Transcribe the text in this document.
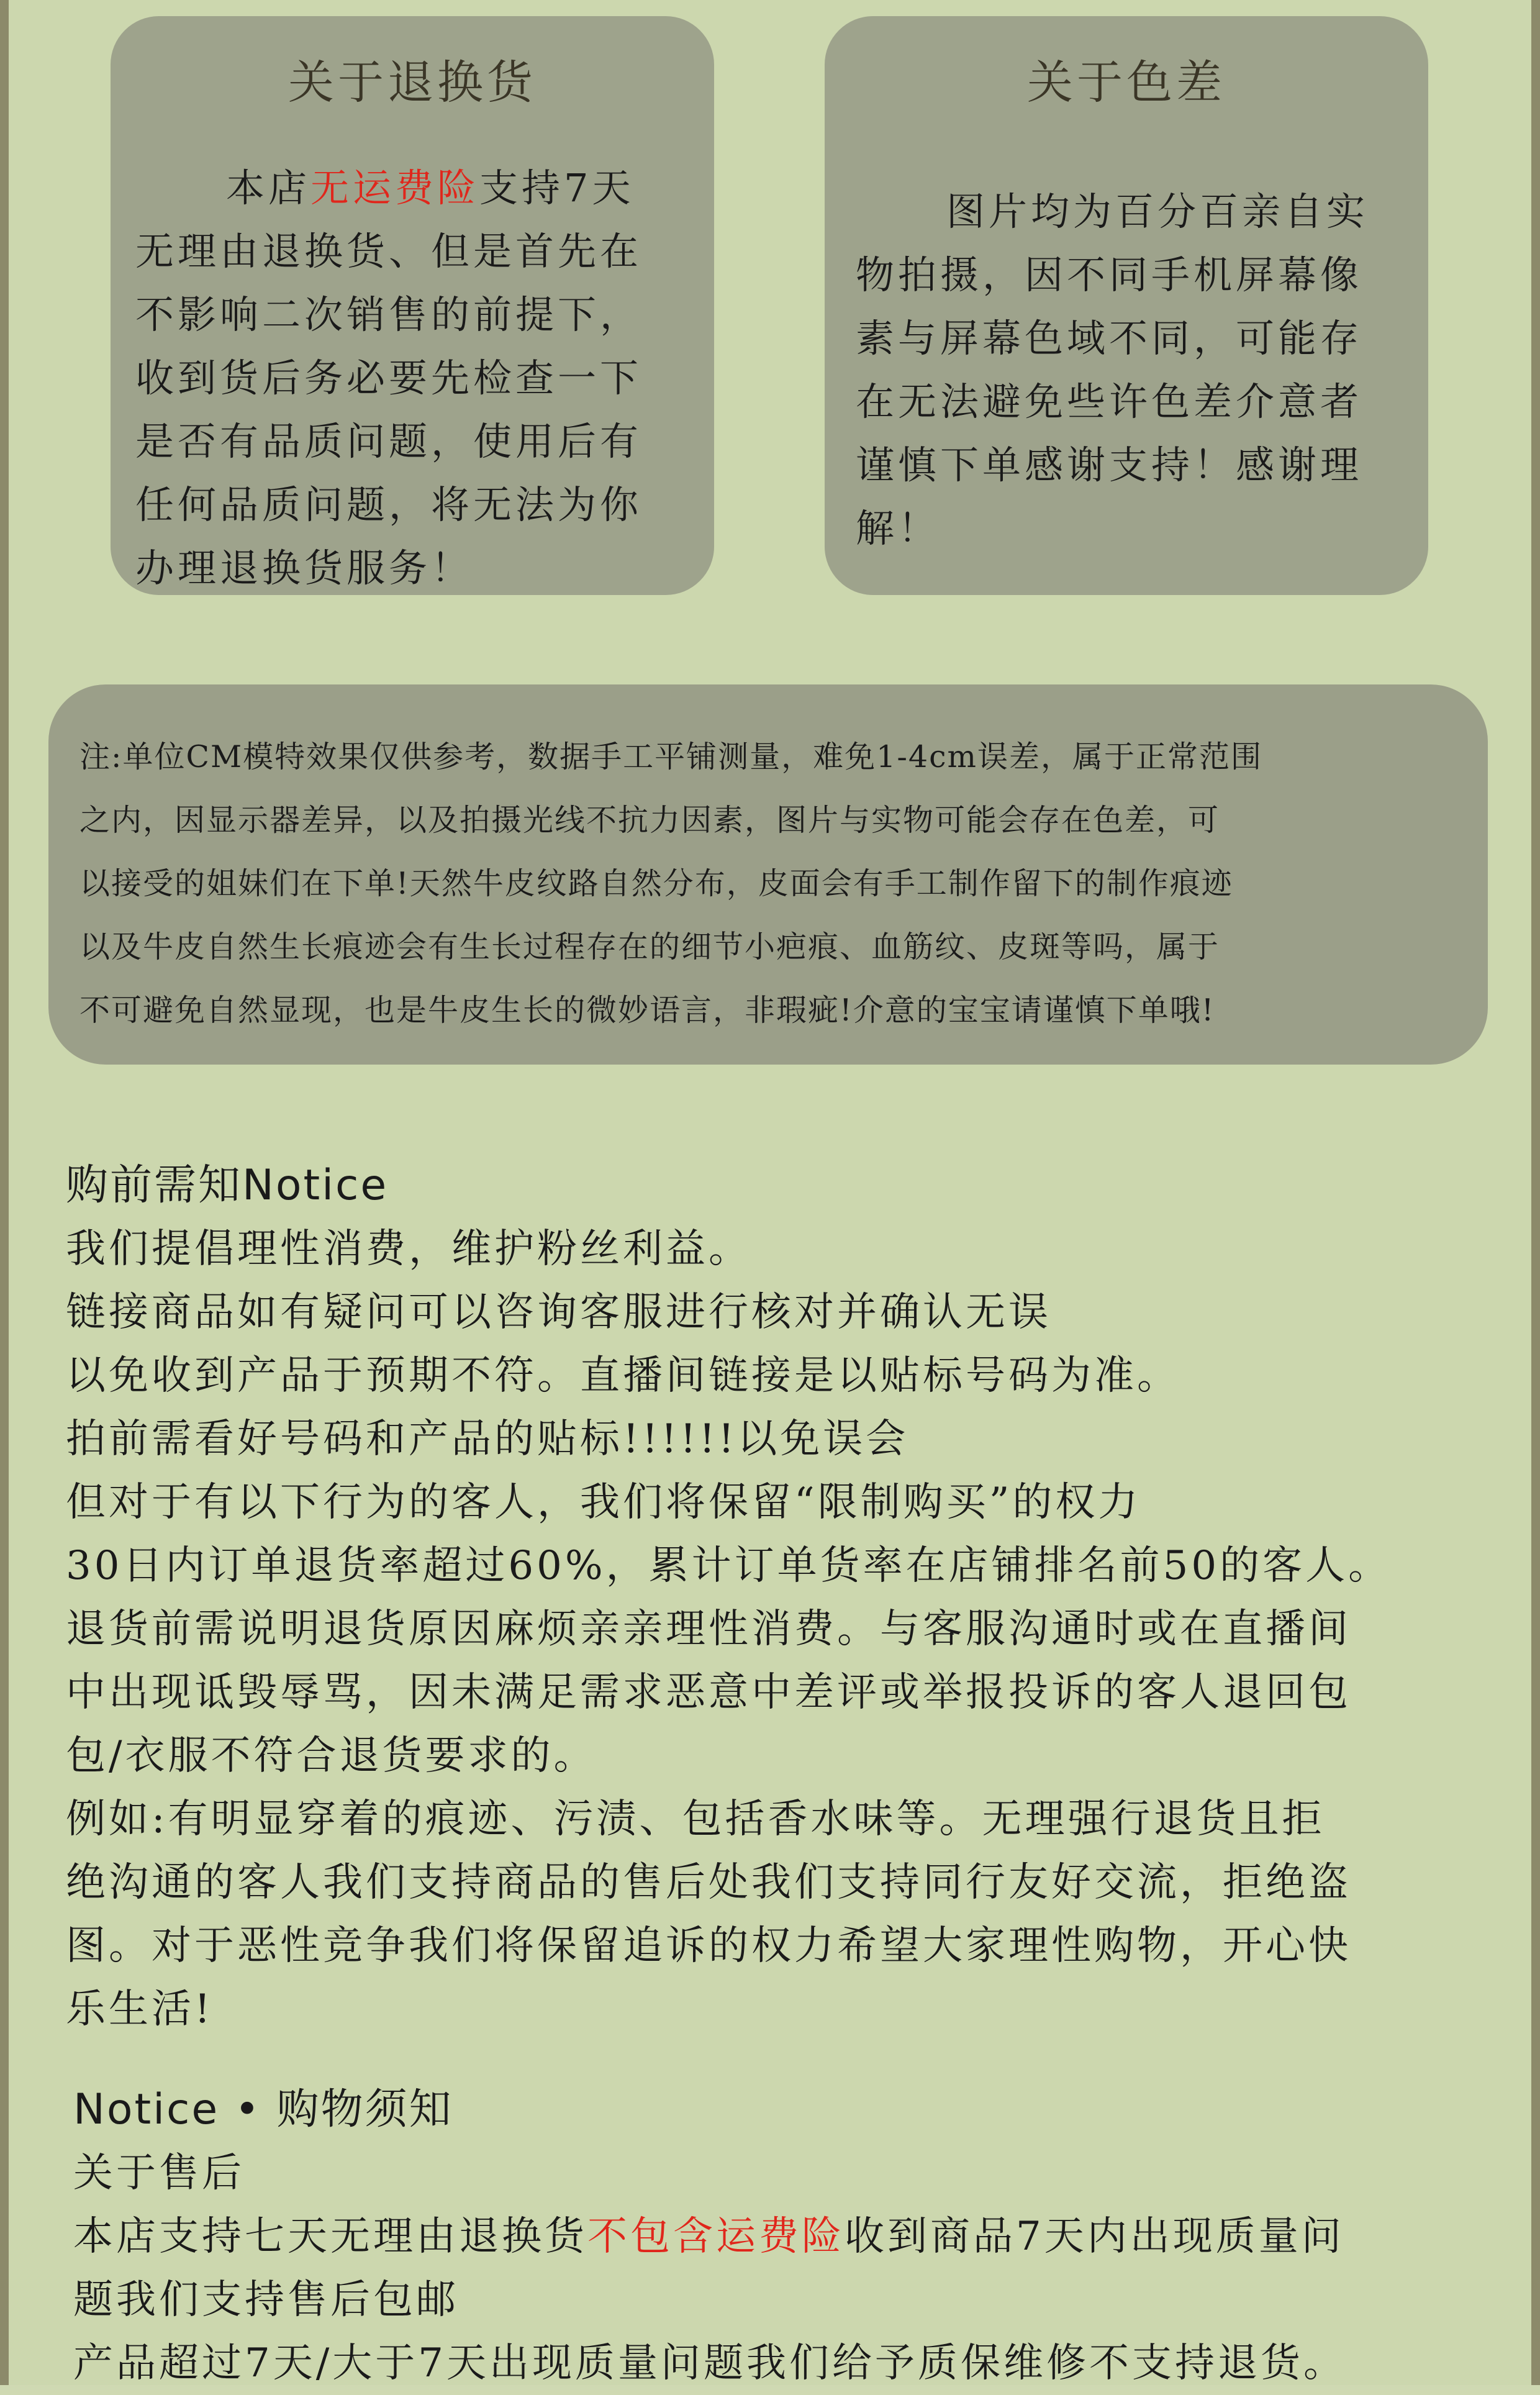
关于退换货
本店无运费险支持7天
无理由退换货、但是首先在
不影响二次销售的前提下，
收到货后务必要先检查一下
是否有品质问题，使用后有
任何品质问题，将无法为你
办理退换货服务！
关于色差
图片均为百分百亲自实
物拍摄，因不同手机屏幕像
素与屏幕色域不同，可能存
在无法避免些许色差介意者
谨慎下单感谢支持！感谢理
解！
注:单位CM模特效果仅供参考，数据手工平铺测量，难免1-4cm误差，属于正常范围
之内，因显示器差异，以及拍摄光线不抗力因素，图片与实物可能会存在色差，可
以接受的姐妹们在下单!天然牛皮纹路自然分布，皮面会有手工制作留下的制作痕迹
以及牛皮自然生长痕迹会有生长过程存在的细节小疤痕、血筋纹、皮斑等吗，属于
不可避免自然显现，也是牛皮生长的微妙语言，非瑕疵!介意的宝宝请谨慎下单哦!
购前需知Notice
我们提倡理性消费，维护粉丝利益。
链接商品如有疑问可以咨询客服进行核对并确认无误
以免收到产品于预期不符。直播间链接是以贴标号码为准。
拍前需看好号码和产品的贴标!!!!!!以免误会
但对于有以下行为的客人，我们将保留“限制购买”的权力
30日内订单退货率超过60%，累计订单货率在店铺排名前50的客人。
退货前需说明退货原因麻烦亲亲理性消费。与客服沟通时或在直播间
中出现诋毁辱骂，因未满足需求恶意中差评或举报投诉的客人退回包
包/衣服不符合退货要求的。
例如:有明显穿着的痕迹、污渍、包括香水味等。无理强行退货且拒
绝沟通的客人我们支持商品的售后处我们支持同行友好交流，拒绝盗
图。对于恶性竞争我们将保留追诉的权力希望大家理性购物，开心快
乐生活!
Notice • 购物须知
关于售后
本店支持七天无理由退换货不包含运费险收到商品7天内出现质量问
题我们支持售后包邮
产品超过7天/大于7天出现质量问题我们给予质保维修不支持退货。
